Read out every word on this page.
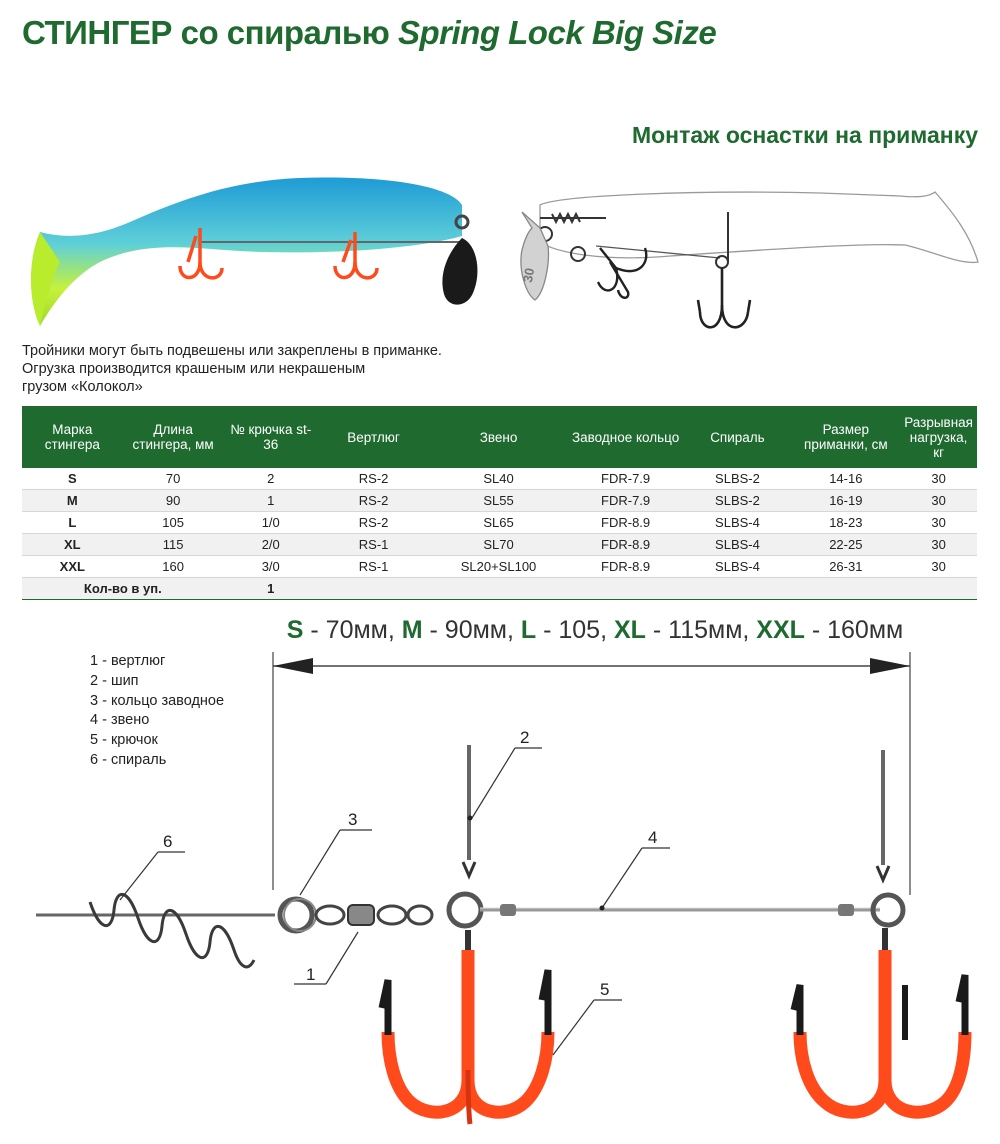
СТИНГЕР со спиралью Spring Lock Big Size
Монтаж оснастки на приманку
30
Тройники могут быть подвешены или закреплены в приманке.
Огрузка производится крашеным или некрашеным
грузом «Колокол»
Марка стингера	Длина стингера, мм	№ крючка st-36	Вертлюг	Звено	Заводное кольцо	Спираль	Размер приманки, см	Разрывная нагрузка, кг
S	70	2	RS-2	SL40	FDR-7.9	SLBS-2	14-16	30
M	90	1	RS-2	SL55	FDR-7.9	SLBS-2	16-19	30
L	105	1/0	RS-2	SL65	FDR-8.9	SLBS-4	18-23	30
XL	115	2/0	RS-1	SL70	FDR-8.9	SLBS-4	22-25	30
XXL	160	3/0	RS-1	SL20+SL100	FDR-8.9	SLBS-4	26-31	30
Кол-во в уп.		1						
S - 70мм, M - 90мм, L - 105, XL - 115мм, XXL - 160мм
1 - вертлюг
2 - шип
3 - кольцо заводное
4 - звено
5 - крючок
6 - спираль
6
3
1
2
4
5
